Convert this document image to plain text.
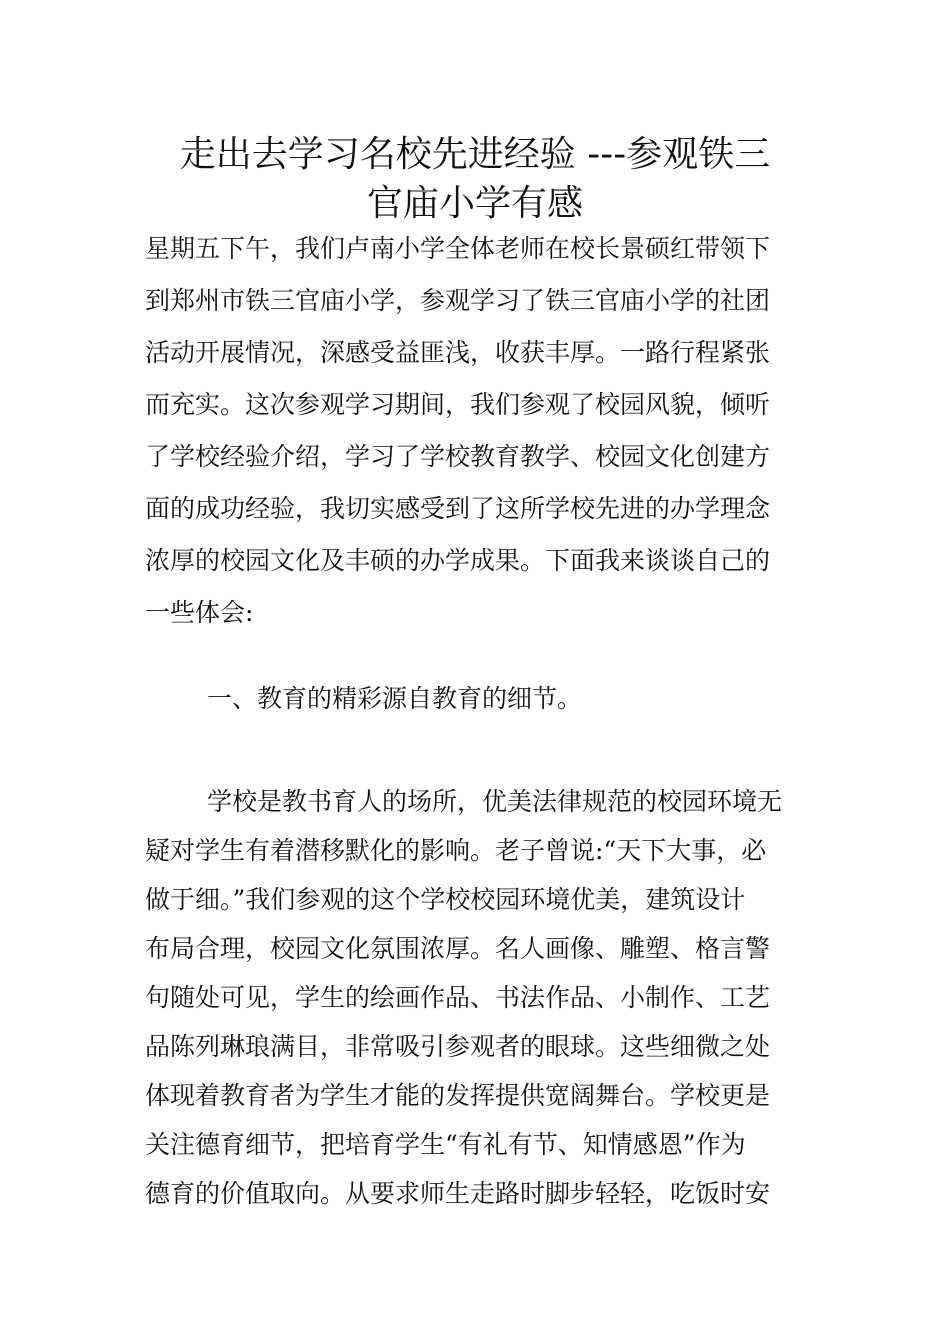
走出去学习名校先进经验 ---参观铁三
官庙小学有感
星期五下午，我们卢南小学全体老师在校长景硕红带领下
到郑州市铁三官庙小学，参观学习了铁三官庙小学的社团
活动开展情况，深感受益匪浅，收获丰厚。一路行程紧张
而充实。这次参观学习期间，我们参观了校园风貌，倾听
了学校经验介绍，学习了学校教育教学、校园文化创建方
面的成功经验，我切实感受到了这所学校先进的办学理念
浓厚的校园文化及丰硕的办学成果。下面我来谈谈自己的
一些体会:
一、教育的精彩源自教育的细节。
学校是教书育人的场所，优美法律规范的校园环境无
疑对学生有着潜移默化的影响。老子曾说:“天下大事，必
做于细。”我们参观的这个学校校园环境优美，建筑设计
布局合理，校园文化氛围浓厚。名人画像、雕塑、格言警
句随处可见，学生的绘画作品、书法作品、小制作、工艺
品陈列琳琅满目，非常吸引参观者的眼球。这些细微之处
体现着教育者为学生才能的发挥提供宽阔舞台。学校更是
关注德育细节，把培育学生“有礼有节、知情感恩”作为
德育的价值取向。从要求师生走路时脚步轻轻，吃饭时安
